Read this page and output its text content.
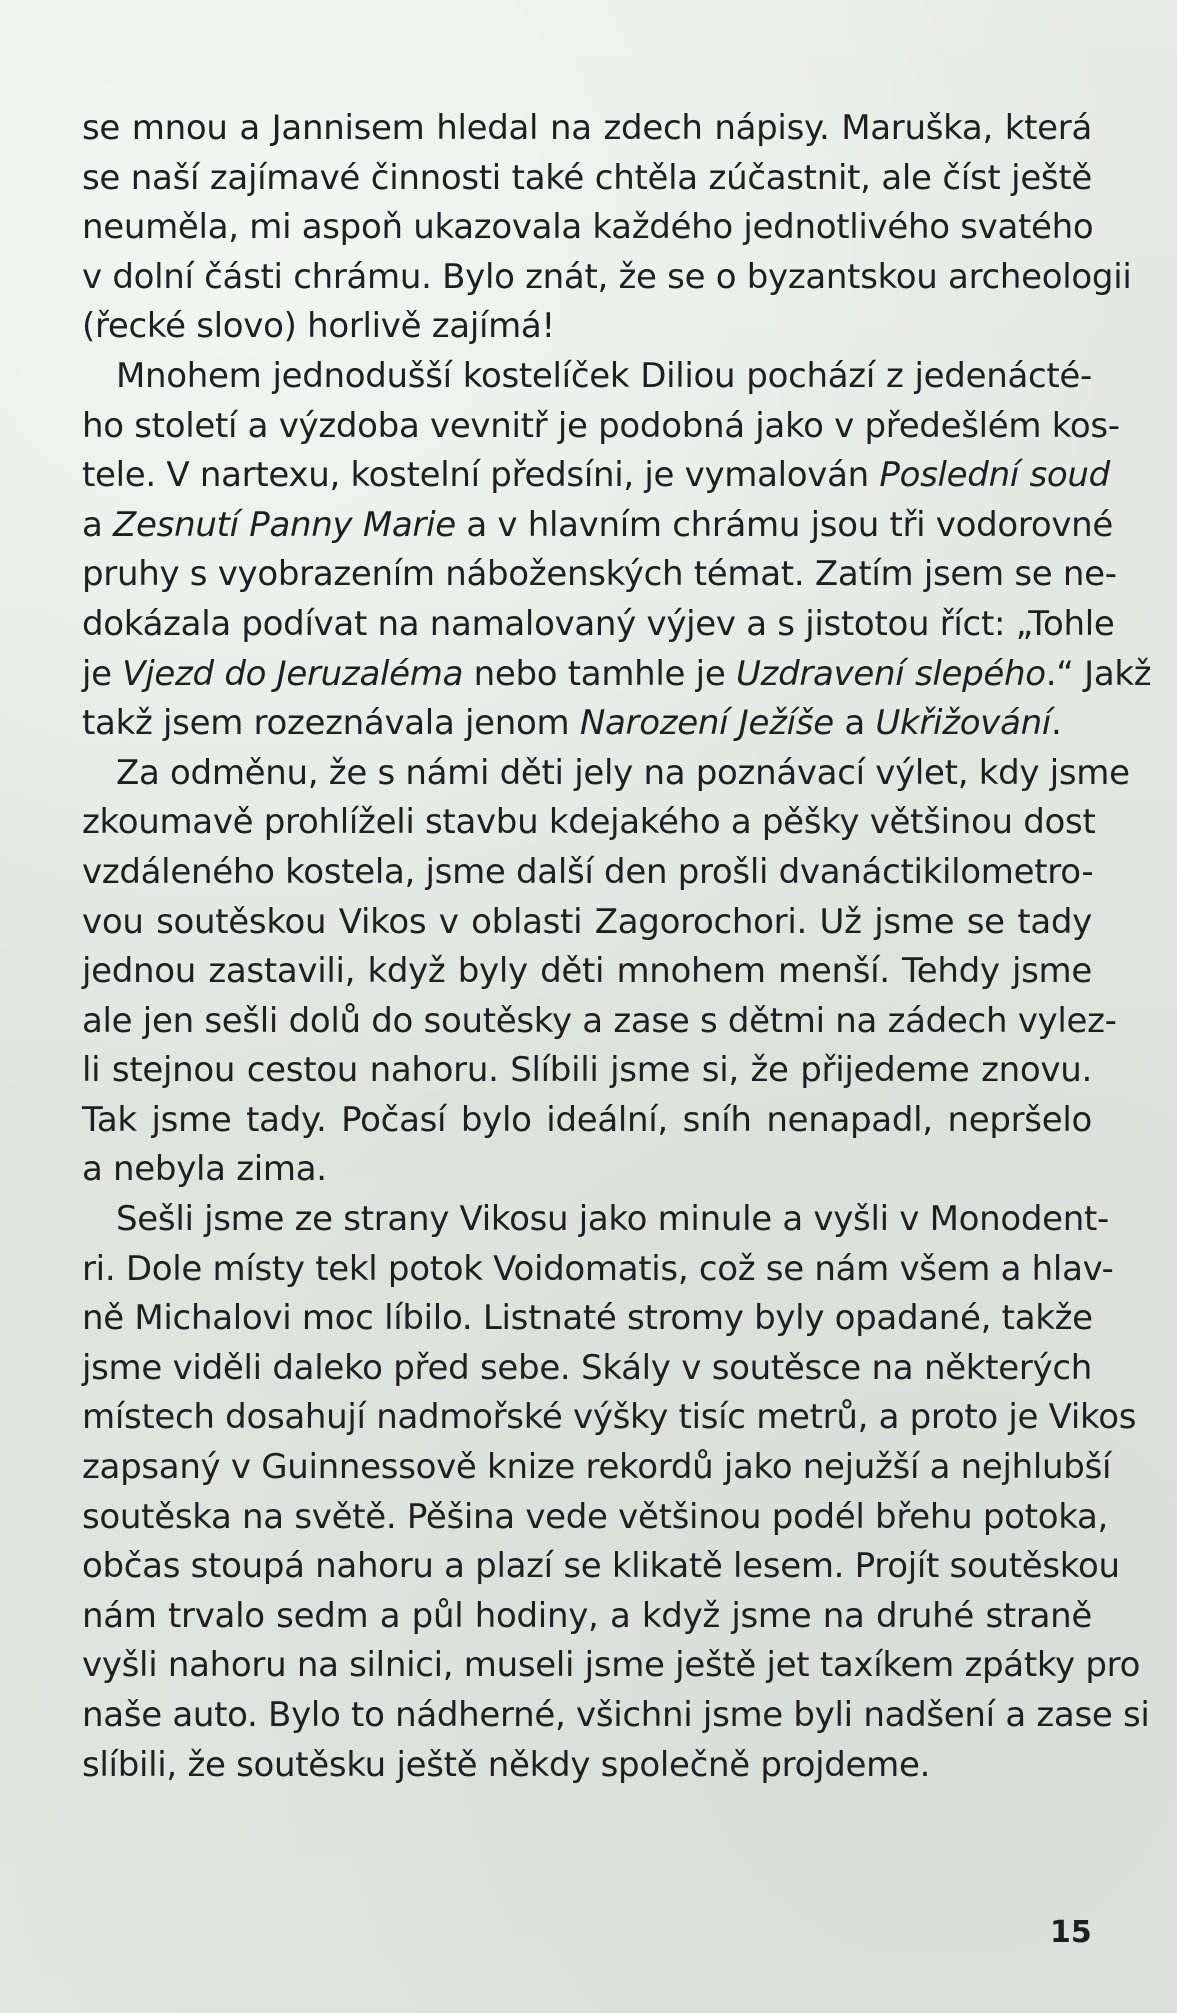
se mnou a Jannisem hledal na zdech nápisy. Maruška, která
se naší zajímavé činnosti také chtěla zúčastnit, ale číst ještě
neuměla, mi aspoň ukazovala každého jednotlivého svatého
v dolní části chrámu. Bylo znát, že se o byzantskou archeologii
(řecké slovo) horlivě zajímá!

Mnohem jednodušší kostelíček Diliou pochází z jedenácté-
ho století a výzdoba vevnitř je podobná jako v předešlém kos-
tele. V nartexu, kostelní předsíni, je vymalován Poslední soud
a Zesnutí Panny Marie a v hlavním chrámu jsou tři vodorovné
pruhy s vyobrazením náboženských témat. Zatím jsem se ne-
dokázala podívat na namalovaný výjev a s jistotou říct: „Tohle
je Vjezd do Jeruzaléma nebo tamhle je Uzdravení slepého.“ Jakž
takž jsem rozeznávala jenom Narození Ježíše a Ukřižování.

Za odměnu, že s námi děti jely na poznávací výlet, kdy jsme
zkoumavě prohlíželi stavbu kdejakého a pěšky většinou dost
vzdáleného kostela, jsme další den prošli dvanáctikilometro-
vou soutěskou Vikos v oblasti Zagorochori. Už jsme se tady
jednou zastavili, když byly děti mnohem menší. Tehdy jsme
ale jen sešli dolů do soutěsky a zase s dětmi na zádech vylez-
li stejnou cestou nahoru. Slíbili jsme si, že přijedeme znovu.
Tak jsme tady. Počasí bylo ideální, sníh nenapadl, nepršelo
a nebyla zima.

Sešli jsme ze strany Vikosu jako minule a vyšli v Monodent-
ri. Dole místy tekl potok Voidomatis, což se nám všem a hlav-
ně Michalovi moc líbilo. Listnaté stromy byly opadané, takže
jsme viděli daleko před sebe. Skály v soutěsce na některých
místech dosahují nadmořské výšky tisíc metrů, a proto je Vikos
zapsaný v Guinnessově knize rekordů jako nejužší a nejhlubší
soutěska na světě. Pěšina vede většinou podél břehu potoka,
občas stoupá nahoru a plazí se klikatě lesem. Projít soutěskou
nám trvalo sedm a půl hodiny, a když jsme na druhé straně
vyšli nahoru na silnici, museli jsme ještě jet taxíkem zpátky pro
naše auto. Bylo to nádherné, všichni jsme byli nadšení a zase si
slíbili, že soutěsku ještě někdy společně projdeme.

15
